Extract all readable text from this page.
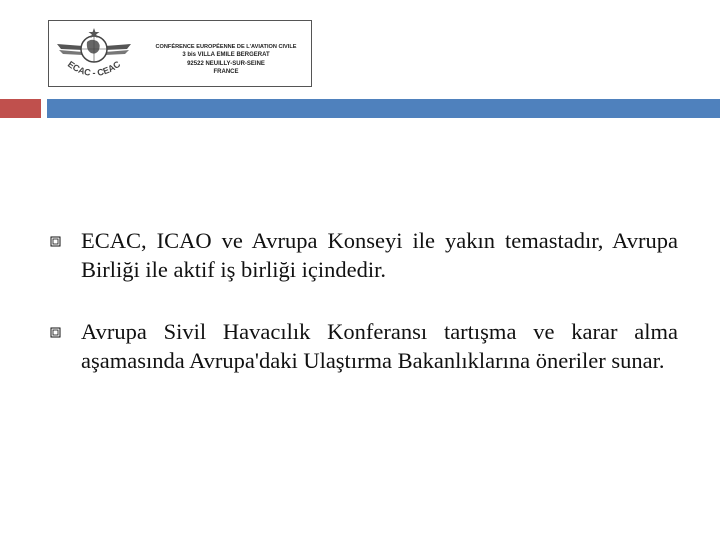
ECAC - CEAC
CONFÉRENCE EUROPÉENNE DE L'AVIATION CIVILE
3 bis VILLA EMILE BERGERAT
92522 NEUILLY-SUR-SEINE
FRANCE
ECAC, ICAO ve Avrupa Konseyi ile yakın temastadır, Avrupa Birliği ile aktif iş birliği içindedir.
Avrupa Sivil Havacılık Konferansı tartışma ve karar alma aşamasında Avrupa'daki Ulaştırma Bakanlıklarına öneriler sunar.
